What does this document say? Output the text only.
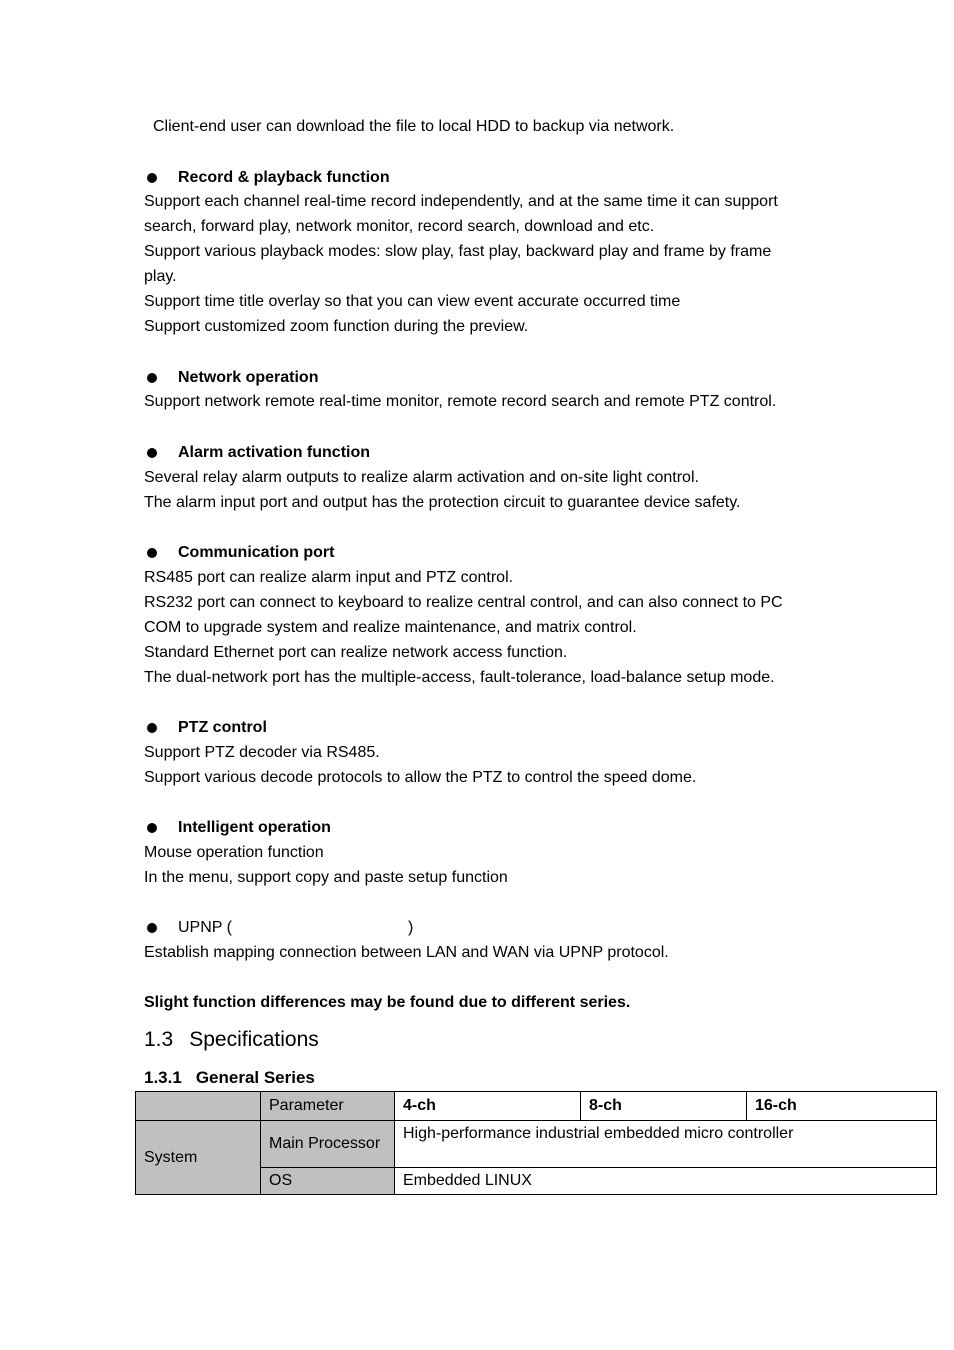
Client-end user can download the file to local HDD to backup via network.
Record & playback function
Support each channel real-time record independently, and at the same time it can support
search, forward play, network monitor, record search, download and etc.
Support various playback modes: slow play, fast play, backward play and frame by frame
play.
Support time title overlay so that you can view event accurate occurred time
Support customized zoom function during the preview.
Network operation
Support network remote real-time monitor, remote record search and remote PTZ control.
Alarm activation function
Several relay alarm outputs to realize alarm activation and on-site light control.
The alarm input port and output has the protection circuit to guarantee device safety.
Communication port
RS485 port can realize alarm input and PTZ control.
RS232 port can connect to keyboard to realize central control, and can also connect to PC
COM to upgrade system and realize maintenance, and matrix control.
Standard Ethernet port can realize network access function.
The dual-network port has the multiple-access, fault-tolerance, load-balance setup mode.
PTZ control
Support PTZ decoder via RS485.
Support various decode protocols to allow the PTZ to control the speed dome.
Intelligent operation
Mouse operation function
In the menu, support copy and paste setup function
UPNP (	)
Establish mapping connection between LAN and WAN via UPNP protocol.
Slight function differences may be found due to different series.
1.3 Specifications
1.3.1 General Series
	Parameter	4-ch	8-ch	16-ch
System	Main Processor	High-performance industrial embedded micro controller		
	OS	Embedded LINUX		
